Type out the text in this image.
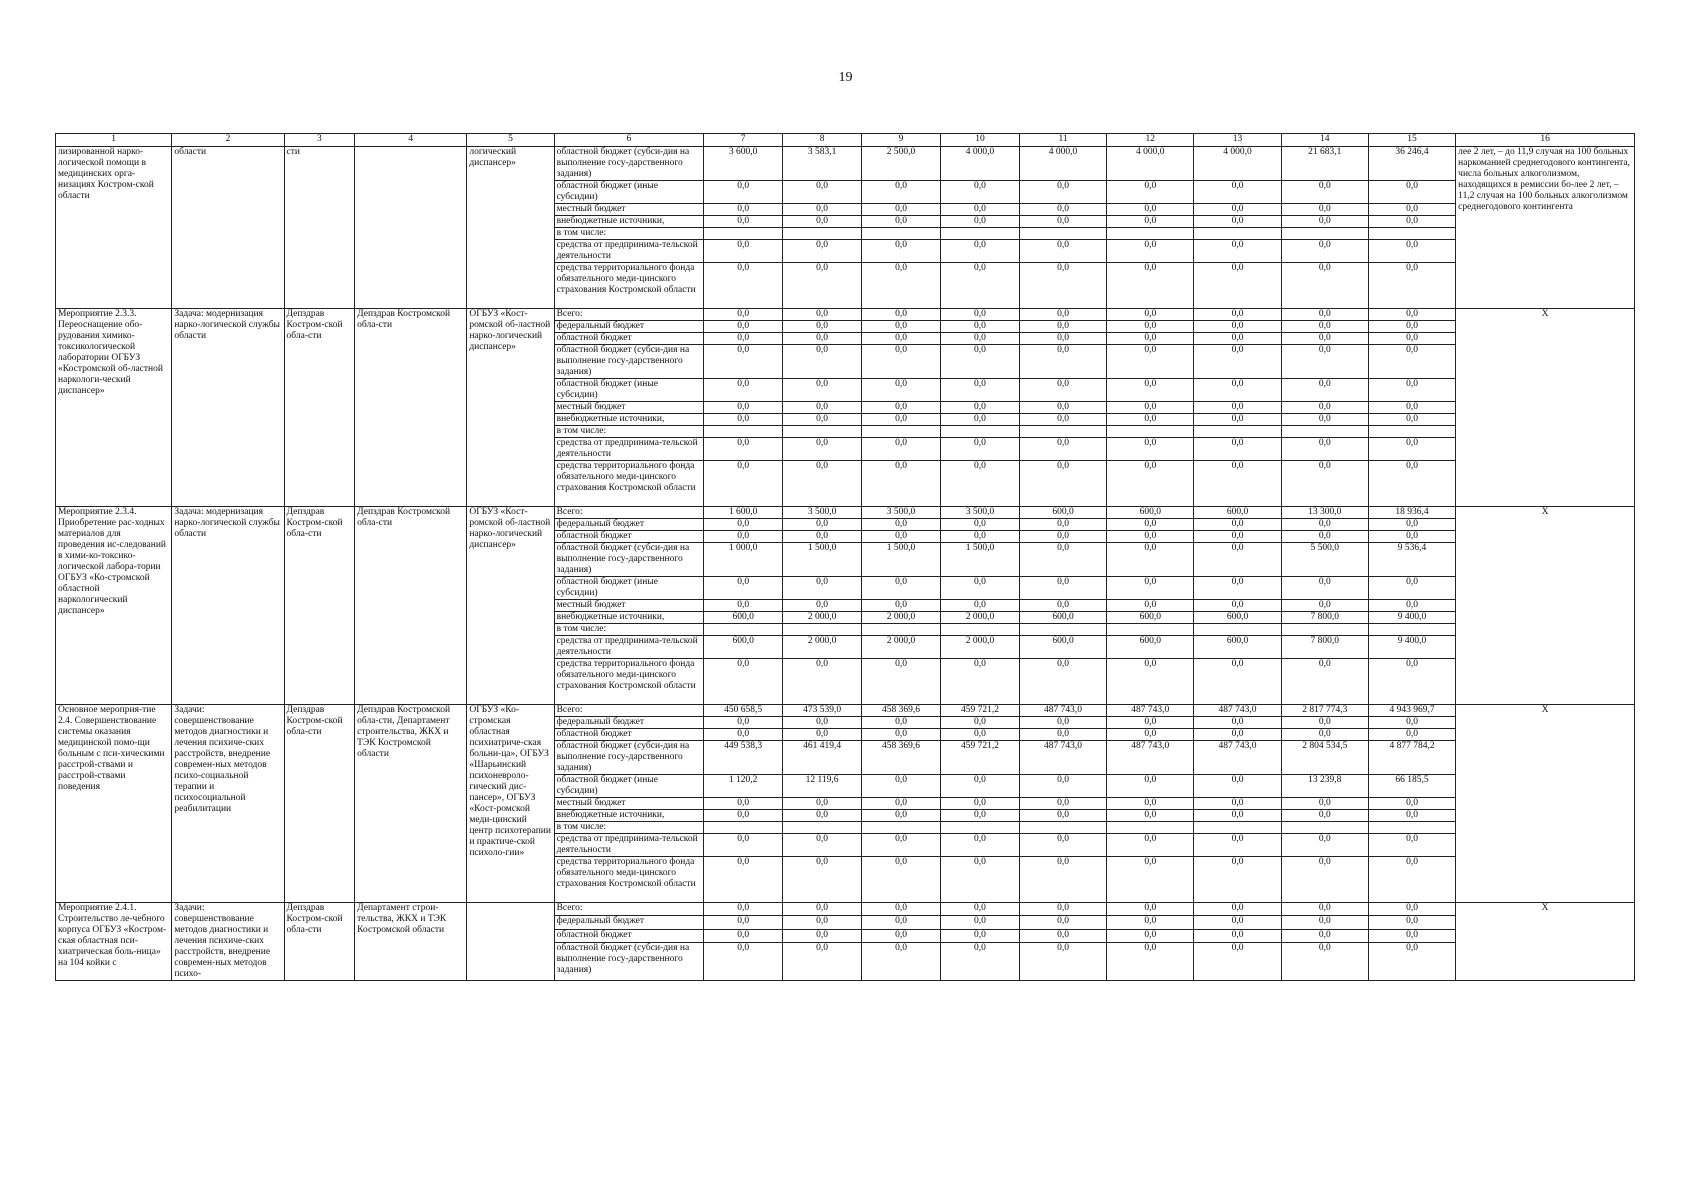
19
1	2	3	4	5	6	7	8	9	10	11	12	13	14	15	16
лизированной нарко-логической помощи в медицинских орга-низациях Костром-ской области	области	сти		логический диспансер»	областной бюджет (субси-дия на выполнение госу-дарственного задания)	3 600,0	3 583,1	2 500,0	4 000,0	4 000,0	4 000,0	4 000,0	21 683,1	36 246,4	лее 2 лет, – до 11,9 случая на 100 больных наркоманией среднегодового контингента, числа больных алкоголизмом, находящихся в ремиссии бо-лее 2 лет, – 11,2 случая на 100 больных алкоголизмом среднегодового контингента
					областной бюджет (иные субсидии)	0,0	0,0	0,0	0,0	0,0	0,0	0,0	0,0	0,0	
					местный бюджет	0,0	0,0	0,0	0,0	0,0	0,0	0,0	0,0	0,0	
					внебюджетные источники,	0,0	0,0	0,0	0,0	0,0	0,0	0,0	0,0	0,0	
					в том числе:										
					средства от предпринима-тельской деятельности	0,0	0,0	0,0	0,0	0,0	0,0	0,0	0,0	0,0	
					средства территориального фонда обязательного меди-цинского страхования Костромской области	0,0	0,0	0,0	0,0	0,0	0,0	0,0	0,0	0,0	
Мероприятие 2.3.3. Переоснащение обо-рудования химико-токсикологической лаборатории ОГБУЗ «Костромской об-ластной наркологи-ческий диспансер»	Задача: модернизация нарко-логической службы области	Депздрав Костром-ской обла-сти	Депздрав Костромской обла-сти	ОГБУЗ «Кост-ромской об-ластной нарко-логический диспансер»	Всего:	0,0	0,0	0,0	0,0	0,0	0,0	0,0	0,0	0,0	X
					федеральный бюджет	0,0	0,0	0,0	0,0	0,0	0,0	0,0	0,0	0,0	
					областной бюджет	0,0	0,0	0,0	0,0	0,0	0,0	0,0	0,0	0,0	
					областной бюджет (субси-дия на выполнение госу-дарственного задания)	0,0	0,0	0,0	0,0	0,0	0,0	0,0	0,0	0,0	
					областной бюджет (иные субсидии)	0,0	0,0	0,0	0,0	0,0	0,0	0,0	0,0	0,0	
					местный бюджет	0,0	0,0	0,0	0,0	0,0	0,0	0,0	0,0	0,0	
					внебюджетные источники,	0,0	0,0	0,0	0,0	0,0	0,0	0,0	0,0	0,0	
					в том числе:										
					средства от предпринима-тельской деятельности	0,0	0,0	0,0	0,0	0,0	0,0	0,0	0,0	0,0	
					средства территориального фонда обязательного меди-цинского страхования Костромской области	0,0	0,0	0,0	0,0	0,0	0,0	0,0	0,0	0,0	
Мероприятие 2.3.4. Приобретение рас-ходных материалов для проведения ис-следований в хими-ко-токсико-логической лабора-тории ОГБУЗ «Ко-стромской областной наркологический диспансер»	Задача: модернизация нарко-логической службы области	Депздрав Костром-ской обла-сти	Депздрав Костромской обла-сти	ОГБУЗ «Кост-ромской об-ластной нарко-логический диспансер»	Всего:	1 600,0	3 500,0	3 500,0	3 500,0	600,0	600,0	600,0	13 300,0	18 936,4	X
					федеральный бюджет	0,0	0,0	0,0	0,0	0,0	0,0	0,0	0,0	0,0	
					областной бюджет	0,0	0,0	0,0	0,0	0,0	0,0	0,0	0,0	0,0	
					областной бюджет (субси-дия на выполнение госу-дарственного задания)	1 000,0	1 500,0	1 500,0	1 500,0	0,0	0,0	0,0	5 500,0	9 536,4	
					областной бюджет (иные субсидии)	0,0	0,0	0,0	0,0	0,0	0,0	0,0	0,0	0,0	
					местный бюджет	0,0	0,0	0,0	0,0	0,0	0,0	0,0	0,0	0,0	
					внебюджетные источники,	600,0	2 000,0	2 000,0	2 000,0	600,0	600,0	600,0	7 800,0	9 400,0	
					в том числе:										
					средства от предпринима-тельской деятельности	600,0	2 000,0	2 000,0	2 000,0	600,0	600,0	600,0	7 800,0	9 400,0	
					средства территориального фонда обязательного меди-цинского страхования Костромской области	0,0	0,0	0,0	0,0	0,0	0,0	0,0	0,0	0,0	
Основное мероприя-тие 2.4. Совершенствование системы оказания медицинской помо-щи больным с пси-хическими расстрой-ствами и расстрой-ствами поведения	Задачи: совершенствование методов диагностики и лечения психиче-ских расстройств, внедрение современ-ных методов психо-социальной терапии и психосоциальной реабилитации	Депздрав Костром-ской обла-сти	Депздрав Костромской обла-сти, Департамент строительства, ЖКХ и ТЭК Костромской области	ОГБУЗ «Ко-стромская областная психиатриче-ская больни-ца», ОГБУЗ «Шарьинский психоневроло-гический дис-пансер», ОГБУЗ «Кост-ромской меди-цинский центр психотерапии и практиче-ской психоло-гии»	Всего:	450 658,5	473 539,0	458 369,6	459 721,2	487 743,0	487 743,0	487 743,0	2 817 774,3	4 943 969,7	X
					федеральный бюджет	0,0	0,0	0,0	0,0	0,0	0,0	0,0	0,0	0,0	
					областной бюджет	0,0	0,0	0,0	0,0	0,0	0,0	0,0	0,0	0,0	
					областной бюджет (субси-дия на выполнение госу-дарственного задания)	449 538,3	461 419,4	458 369,6	459 721,2	487 743,0	487 743,0	487 743,0	2 804 534,5	4 877 784,2	
					областной бюджет (иные субсидии)	1 120,2	12 119,6	0,0	0,0	0,0	0,0	0,0	13 239,8	66 185,5	
					местный бюджет	0,0	0,0	0,0	0,0	0,0	0,0	0,0	0,0	0,0	
					внебюджетные источники,	0,0	0,0	0,0	0,0	0,0	0,0	0,0	0,0	0,0	
					в том числе:										
					средства от предпринима-тельской деятельности	0,0	0,0	0,0	0,0	0,0	0,0	0,0	0,0	0,0	
					средства территориального фонда обязательного меди-цинского страхования Костромской области	0,0	0,0	0,0	0,0	0,0	0,0	0,0	0,0	0,0	
Мероприятие 2.4.1. Строительство ле-чебного корпуса ОГБУЗ «Костром-ская областная пси-хиатрическая боль-ница» на 104 койки с	Задачи: совершенствование методов диагностики и лечения психиче-ских расстройств, внедрение современ-ных методов психо-	Депздрав Костром-ской обла-сти	Департамент строи-тельства, ЖКХ и ТЭК Костромской области		Всего:	0,0	0,0	0,0	0,0	0,0	0,0	0,0	0,0	0,0	X
					федеральный бюджет	0,0	0,0	0,0	0,0	0,0	0,0	0,0	0,0	0,0	
					областной бюджет	0,0	0,0	0,0	0,0	0,0	0,0	0,0	0,0	0,0	
					областной бюджет (субси-дия на выполнение госу-дарственного задания)	0,0	0,0	0,0	0,0	0,0	0,0	0,0	0,0	0,0	
